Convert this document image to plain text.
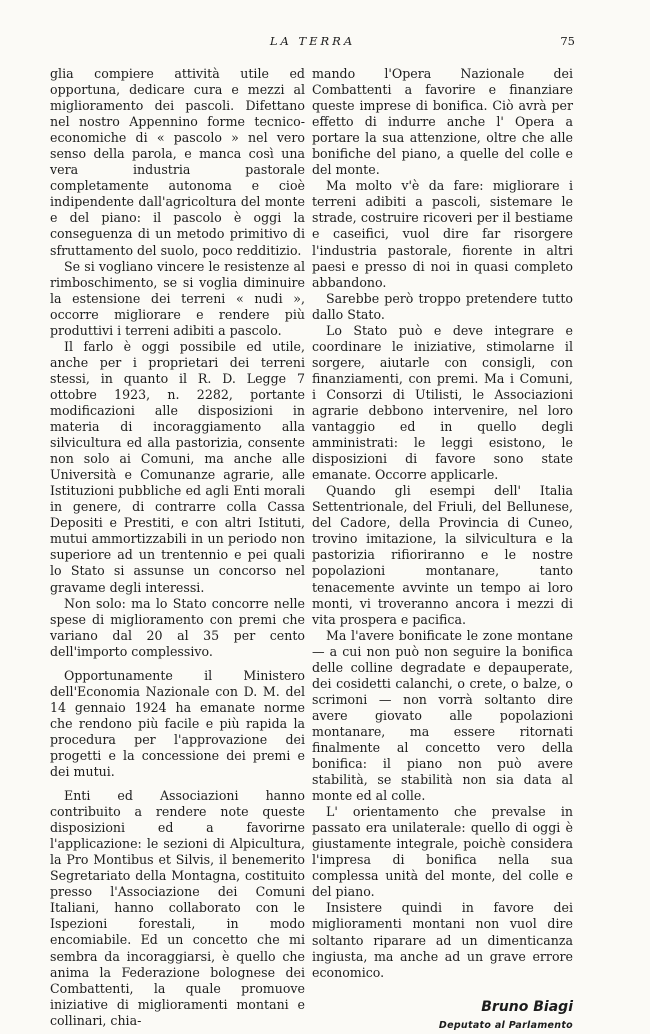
LA TERRA	75

glia compiere attività utile ed opportuna, dedicare cura e mezzi al miglioramento dei pascoli. Difettano nel nostro Appennino forme tecnico-economiche di « pascolo » nel vero senso della parola, e manca così una vera industria pastorale completamente autonoma e cioè indipendente dall'agricoltura del monte e del piano: il pascolo è oggi la conseguenza di un metodo primitivo di sfruttamento del suolo, poco redditizio.

Se si vogliano vincere le resistenze al rimboschimento, se si voglia diminuire la estensione dei terreni « nudi », occorre migliorare e rendere più produttivi i terreni adibiti a pascolo.

Il farlo è oggi possibile ed utile, anche per i proprietari dei terreni stessi, in quanto il R. D. Legge 7 ottobre 1923, n. 2282, portante modificazioni alle disposizioni in materia di incoraggiamento alla silvicultura ed alla pastorizia, consente non solo ai Comuni, ma anche alle Università e Comunanze agrarie, alle Istituzioni pubbliche ed agli Enti morali in genere, di contrarre colla Cassa Depositi e Prestiti, e con altri Istituti, mutui ammortizzabili in un periodo non superiore ad un trentennio e pei quali lo Stato si assunse un concorso nel gravame degli interessi.

Non solo: ma lo Stato concorre nelle spese di miglioramento con premi che variano dal 20 al 35 per cento dell'importo complessivo.

Opportunamente il Ministero dell'Economia Nazionale con D. M. del 14 gennaio 1924 ha emanate norme che rendono più facile e più rapida la procedura per l'approvazione dei progetti e la concessione dei premi e dei mutui.

Enti ed Associazioni hanno contribuito a rendere note queste disposizioni ed a favorirne l'applicazione: le sezioni di Alpicultura, la Pro Montibus et Silvis, il benemerito Segretariato della Montagna, costituito presso l'Associazione dei Comuni Italiani, hanno collaborato con le Ispezioni forestali, in modo encomiabile. Ed un concetto che mi sembra da incoraggiarsi, è quello che anima la Federazione bolognese dei Combattenti, la quale promuove iniziative di miglioramenti montani e collinari, chia-

mando l'Opera Nazionale dei Combattenti a favorire e finanziare queste imprese di bonifica. Ciò avrà per effetto di indurre anche l' Opera a portare la sua attenzione, oltre che alle bonifiche del piano, a quelle del colle e del monte.

Ma molto v'è da fare: migliorare i terreni adibiti a pascoli, sistemare le strade, costruire ricoveri per il bestiame e caseifici, vuol dire far risorgere l'industria pastorale, fiorente in altri paesi e presso di noi in quasi completo abbandono.

Sarebbe però troppo pretendere tutto dallo Stato.

Lo Stato può e deve integrare e coordinare le iniziative, stimolarne il sorgere, aiutarle con consigli, con finanziamenti, con premi. Ma i Comuni, i Consorzi di Utilisti, le Associazioni agrarie debbono intervenire, nel loro vantaggio ed in quello degli amministrati: le leggi esistono, le disposizioni di favore sono state emanate. Occorre applicarle.

Quando gli esempi dell' Italia Settentrionale, del Friuli, del Bellunese, del Cadore, della Provincia di Cuneo, trovino imitazione, la silvicultura e la pastorizia rifioriranno e le nostre popolazioni montanare, tanto tenacemente avvinte un tempo ai loro monti, vi troveranno ancora i mezzi di vita prospera e pacifica.

Ma l'avere bonificate le zone montane — a cui non può non seguire la bonifica delle colline degradate e depauperate, dei cosidetti calanchi, o crete, o balze, o scrimoni — non vorrà soltanto dire avere giovato alle popolazioni montanare, ma essere ritornati finalmente al concetto vero della bonifica: il piano non può avere stabilità, se stabilità non sia data al monte ed al colle.

L' orientamento che prevalse in passato era unilaterale: quello di oggi è giustamente integrale, poichè considera l'impresa di bonifica nella sua complessa unità del monte, del colle e del piano.

Insistere quindi in favore dei miglioramenti montani non vuol dire soltanto riparare ad un dimenticanza ingiusta, ma anche ad un grave errore economico.

Bruno Biagi
Deputato al Parlamento
